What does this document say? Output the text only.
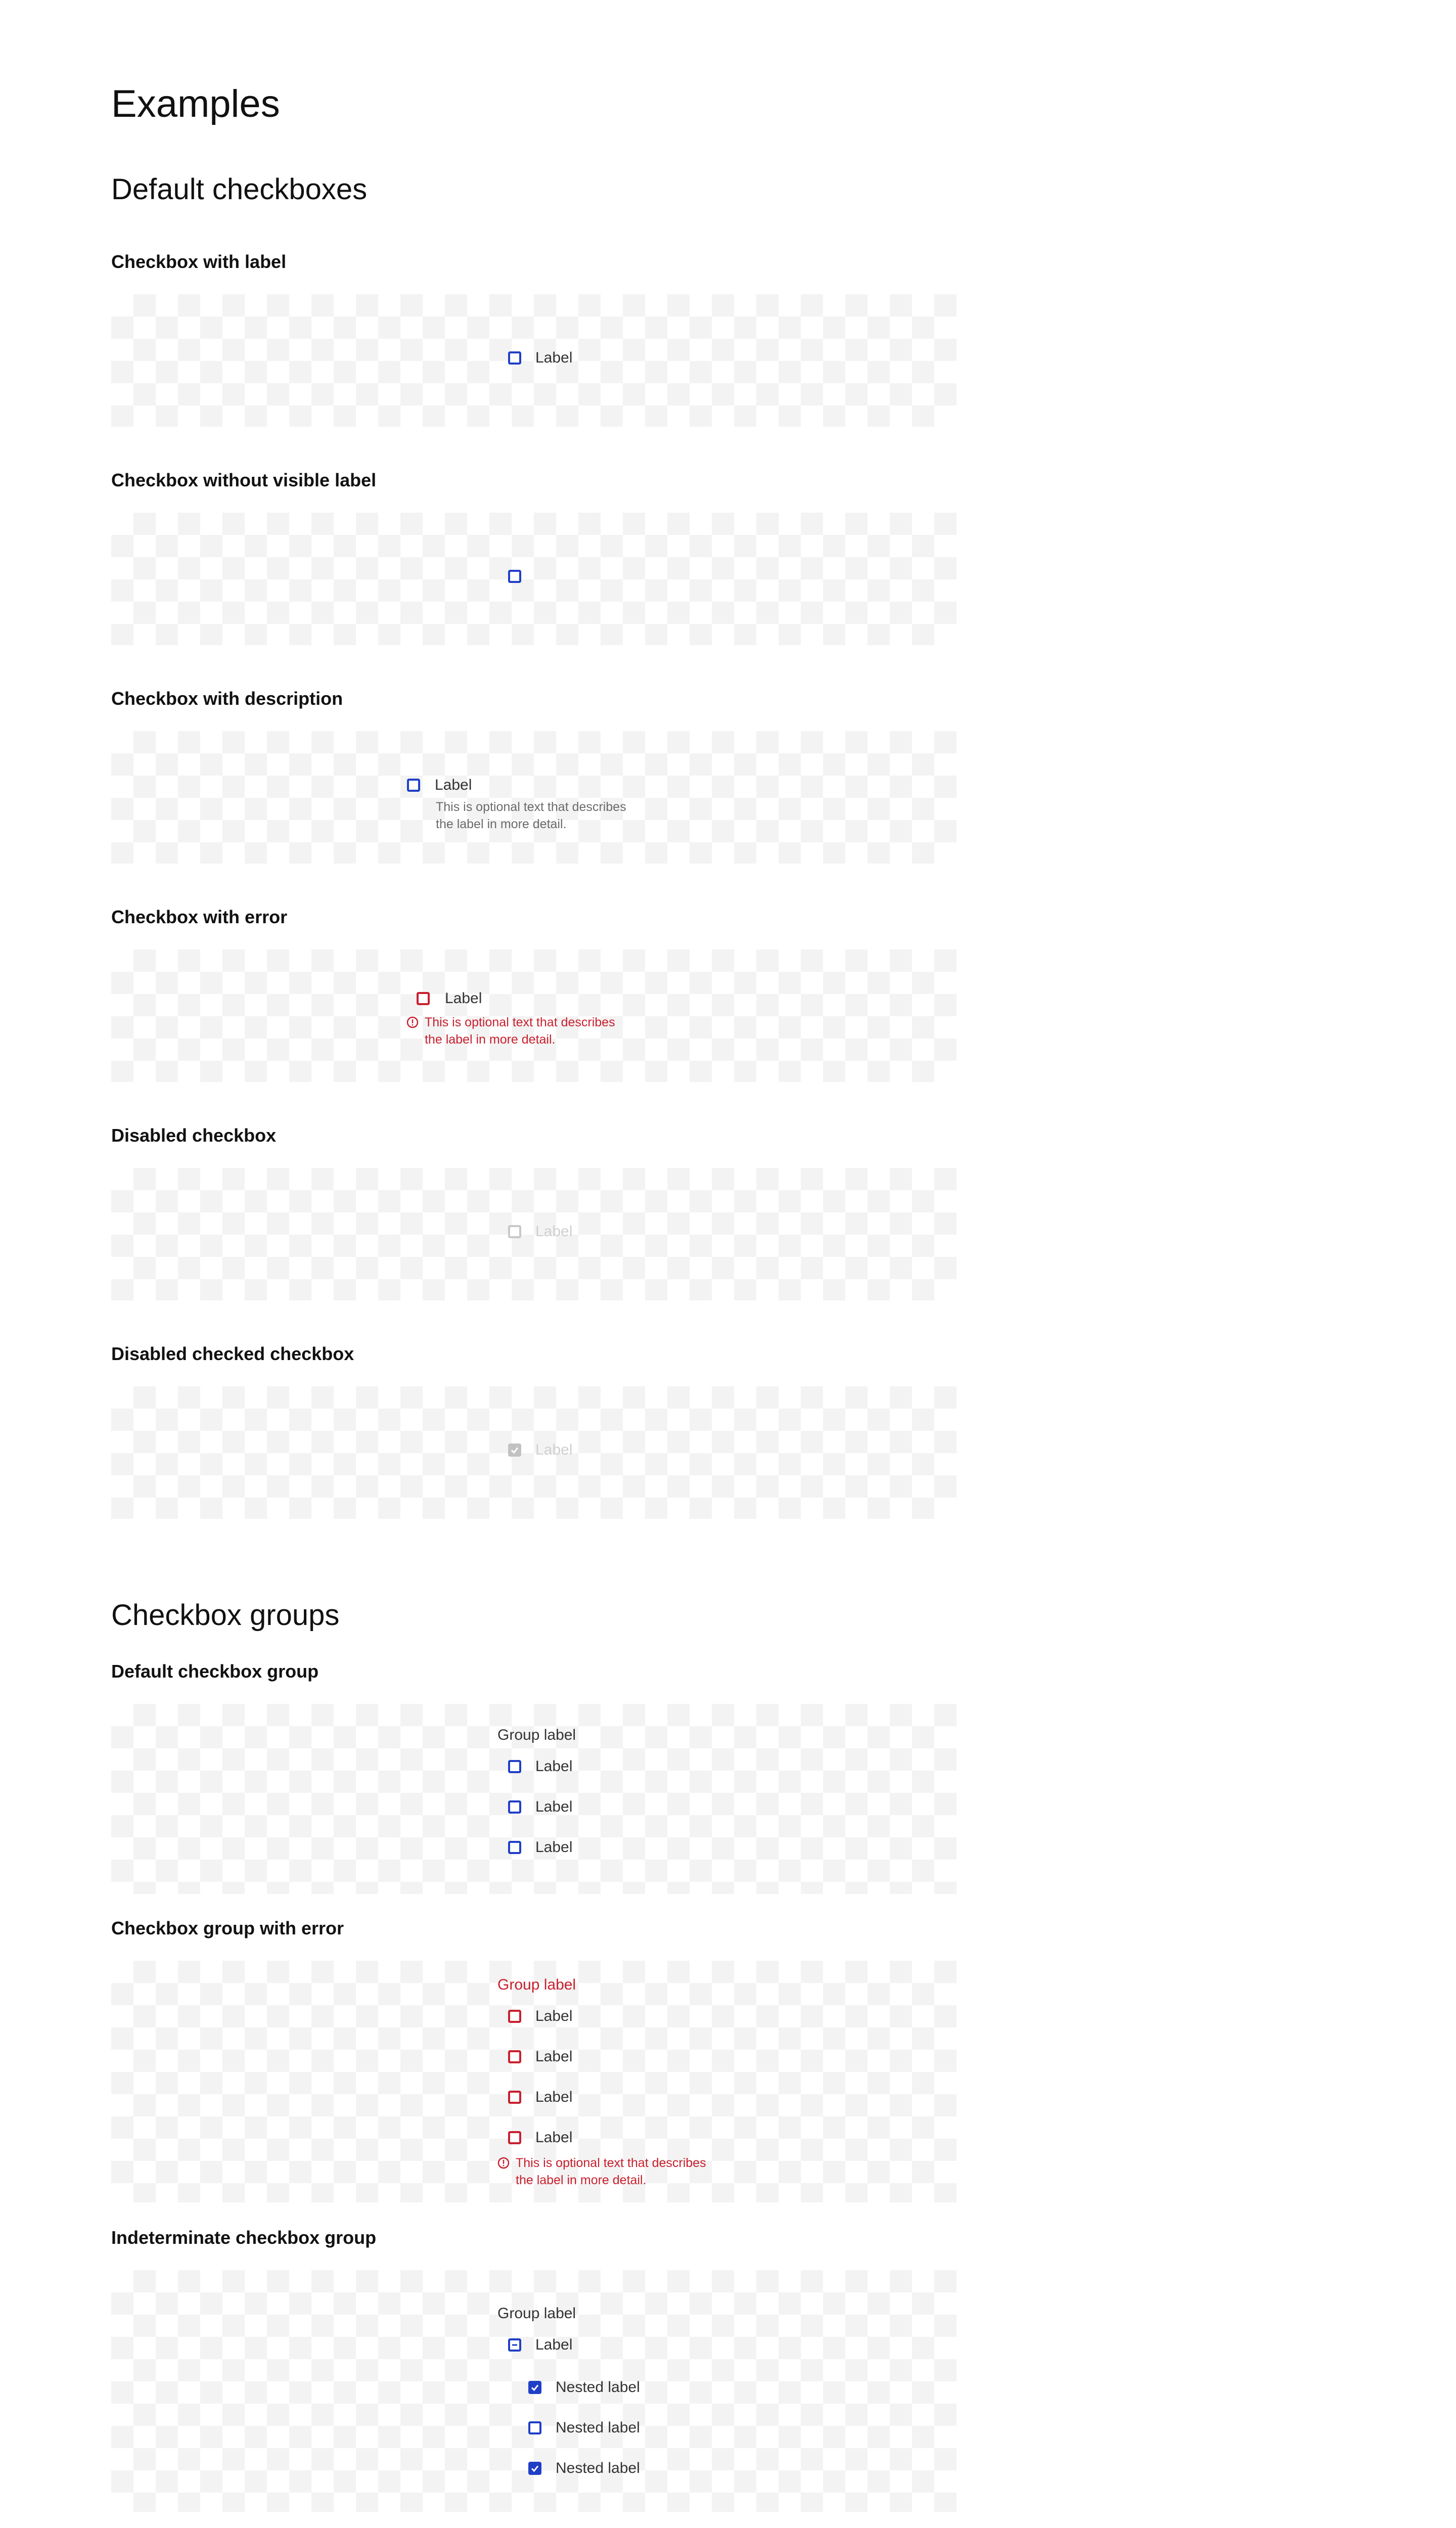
Examples
Default checkboxes
Checkbox with label
Label
Checkbox without visible label
Checkbox with description
Label
This is optional text that describes
the label in more detail.
Checkbox with error
Label
This is optional text that describes
the label in more detail.
Disabled checkbox
Label
Disabled checked checkbox
Label
Checkbox groups
Default checkbox group
Group label
Label
Label
Label
Checkbox group with error
Group label
Label
Label
Label
Label
This is optional text that describes
the label in more detail.
Indeterminate checkbox group
Group label
Label
Nested label
Nested label
Nested label
